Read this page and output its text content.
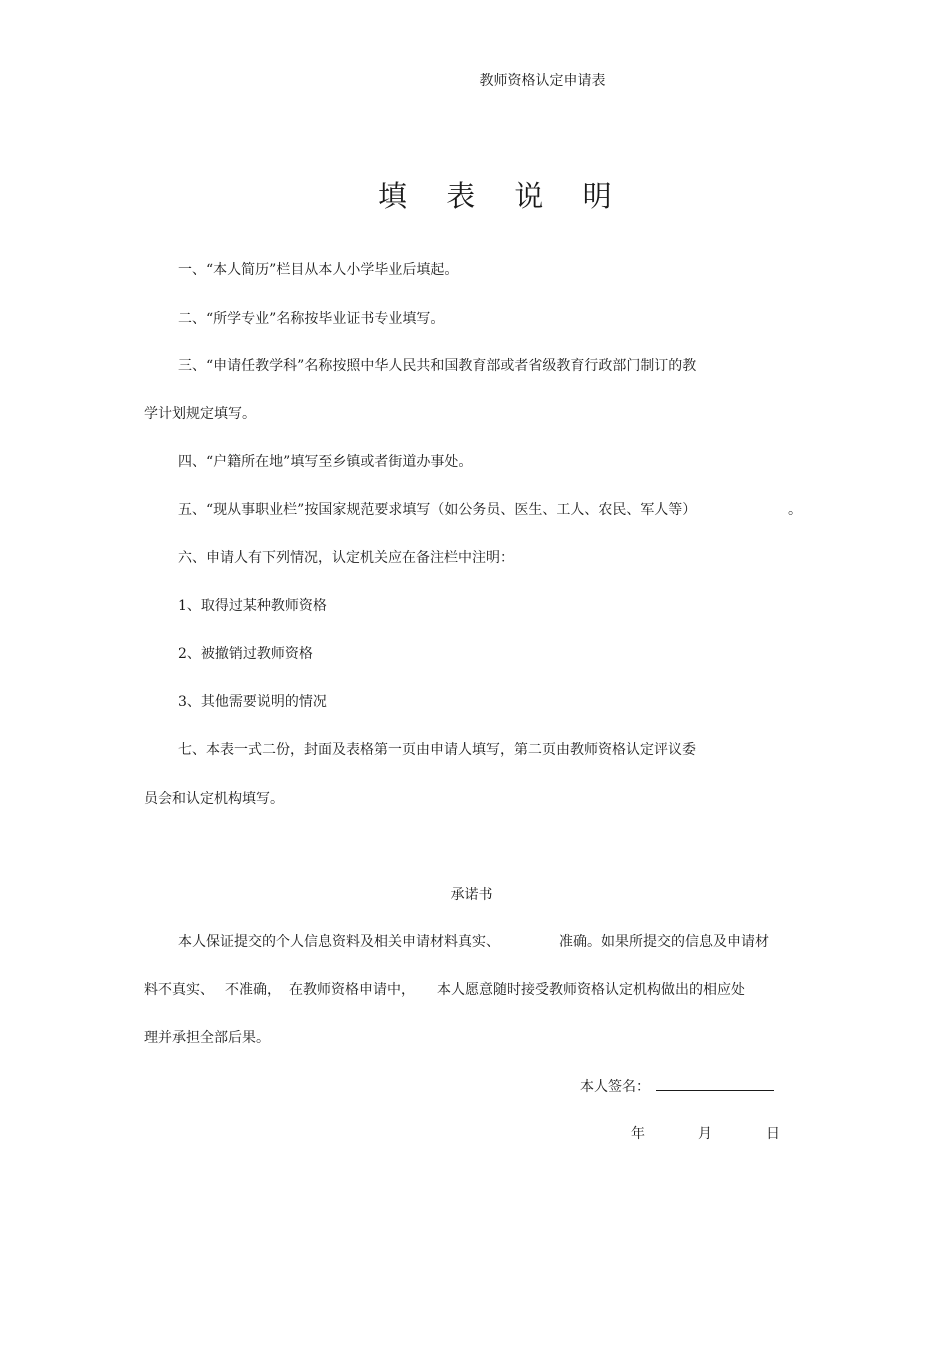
教师资格认定申请表
填 表 说 明
一、“本人简历”栏目从本人小学毕业后填起。
二、“所学专业”名称按毕业证书专业填写。
三、“申请任教学科”名称按照中华人民共和国教育部或者省级教育行政部门制订的教
学计划规定填写。
四、“户籍所在地”填写至乡镇或者街道办事处。
五、“现从事职业栏”按国家规范要求填写（如公务员、医生、工人、农民、军人等）	。
六、申请人有下列情况，认定机关应在备注栏中注明：
1、取得过某种教师资格
2、被撤销过教师资格
3、其他需要说明的情况
七、本表一式二份，封面及表格第一页由申请人填写，第二页由教师资格认定评议委
员会和认定机构填写。
承诺书
本人保证提交的个人信息资料及相关申请材料真实、	准确。如果所提交的信息及申请材
料不真实、 不准确， 在教师资格申请中， 本人愿意随时接受教师资格认定机构做出的相应处
理并承担全部后果。
本人签名：
年	月	日
